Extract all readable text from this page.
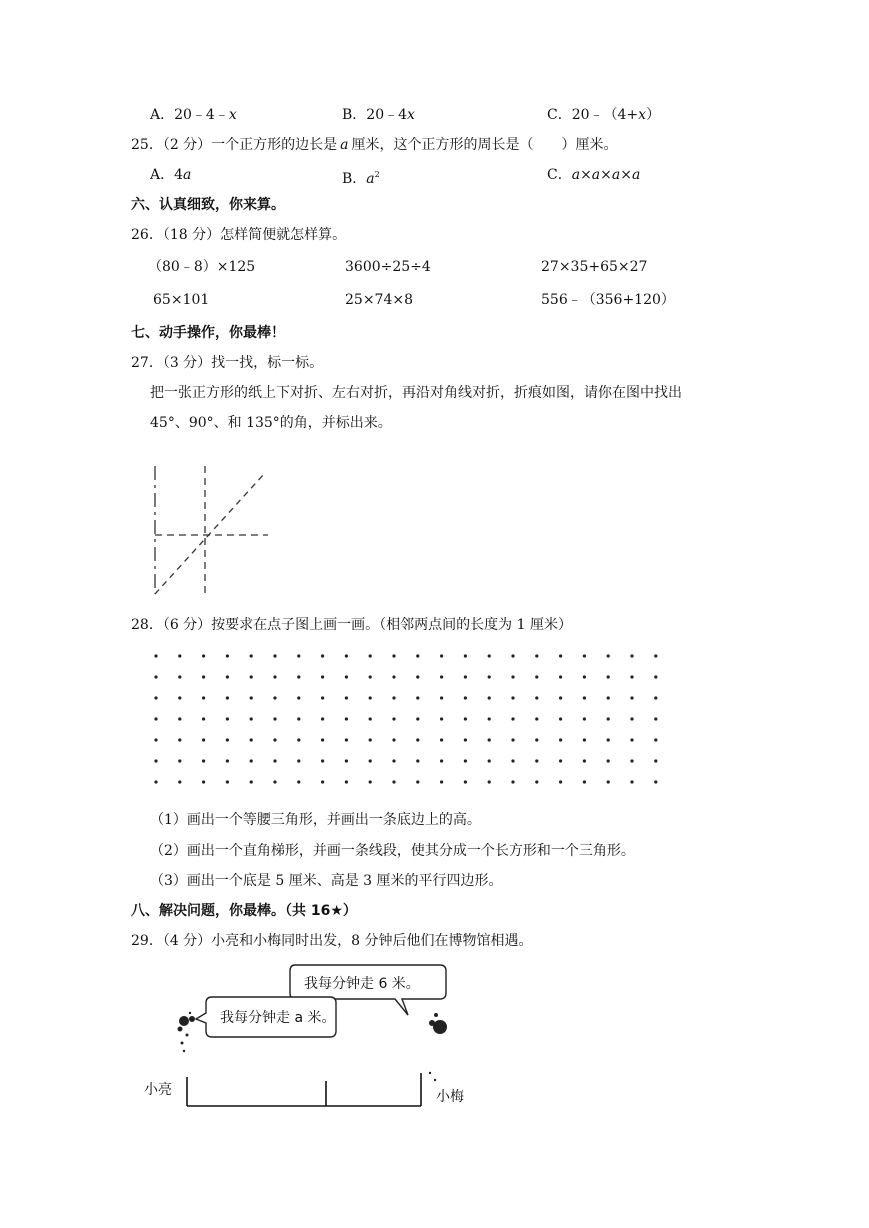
A．20﹣4﹣x	B．20﹣4x	C．20﹣（4+x）
25．（2 分）一个正方形的边长是 a 厘米，这个正方形的周长是（　　）厘米。
A．4a	B．$a^2$	C．a×a×a×a
六、认真细致，你来算。
26．（18 分）怎样简便就怎样算。
（80﹣8）×125	3600÷25÷4	27×35+65×27
65×101	25×74×8	556﹣（356+120）
七、动手操作，你最棒！
27．（3 分）找一找，标一标。
把一张正方形的纸上下对折、左右对折，再沿对角线对折，折痕如图，请你在图中找出
45°、90°、和 135°的角，并标出来。
28．（6 分）按要求在点子图上画一画。（相邻两点间的长度为 1 厘米）
（1）画出一个等腰三角形，并画出一条底边上的高。
（2）画出一个直角梯形，并画一条线段，使其分成一个长方形和一个三角形。
（3）画出一个底是 5 厘米、高是 3 厘米的平行四边形。
八、解决问题，你最棒。（共 16★）
29．（4 分）小亮和小梅同时出发，8 分钟后他们在博物馆相遇。
我每分钟走 6 米。
我每分钟走 a 米。
小亮	小梅
